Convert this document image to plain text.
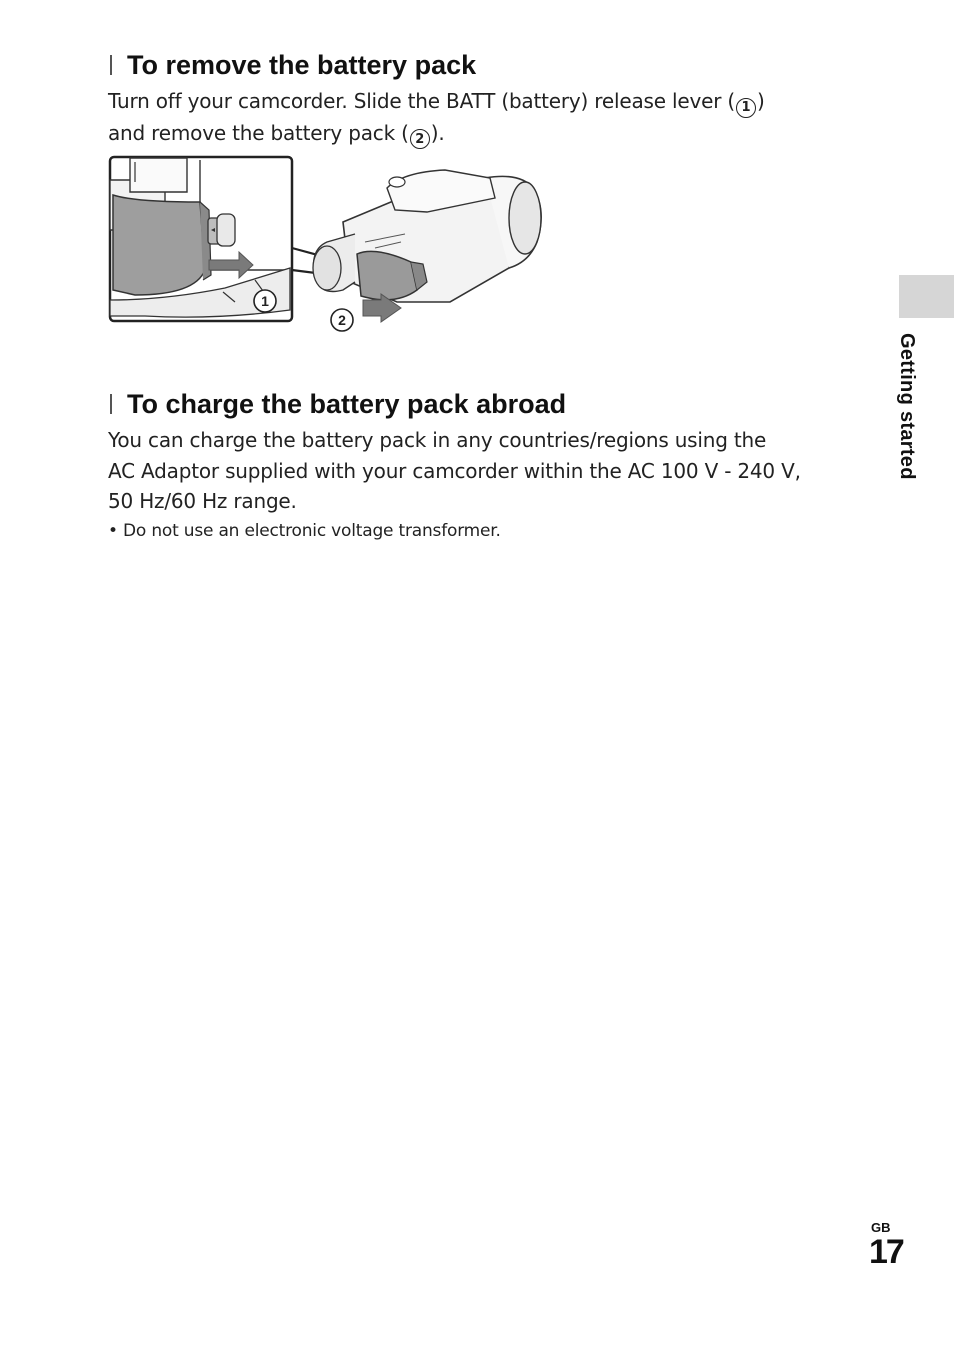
To remove the battery pack

Turn off your camcorder. Slide the BATT (battery) release lever ( 1 )
and remove the battery pack ( 2 ).

1
2
To charge the battery pack abroad

You can charge the battery pack in any countries/regions using the
AC Adaptor supplied with your camcorder within the AC 100 V - 240 V,
50 Hz/60 Hz range.

• Do not use an electronic voltage transformer.

Getting started
GB
17
